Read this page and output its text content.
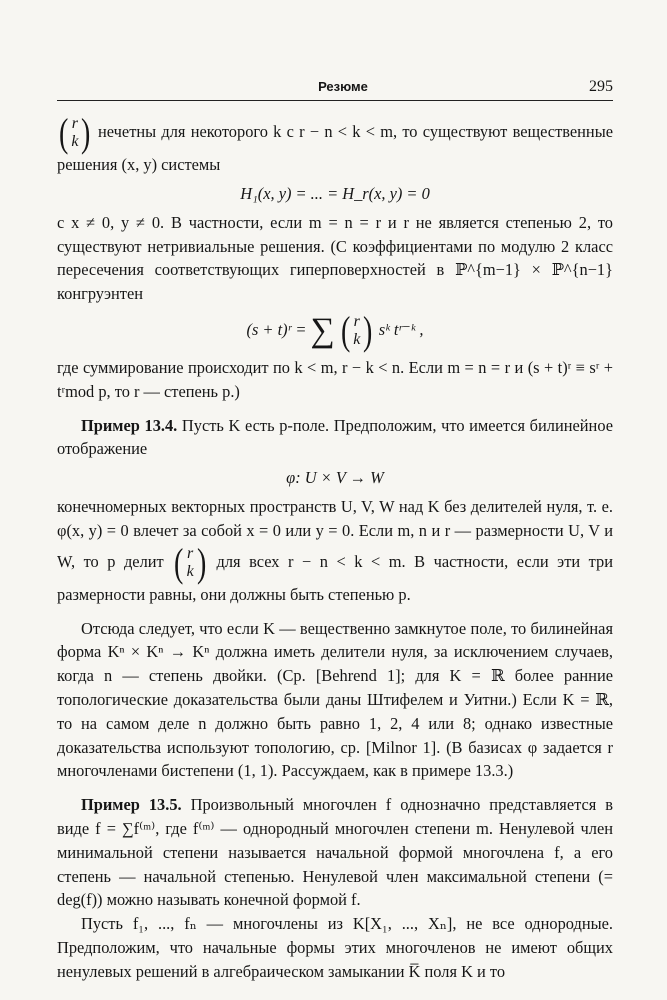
Резюме	295

( r
k ) нечетны для некоторого k с r − n < k < m, то существуют вещественные решения (x, y) системы

H₁(x, y) = ... = H_r(x, y) = 0

с x ≠ 0, y ≠ 0. В частности, если m = n = r и r не является степенью 2, то существуют нетривиальные решения. (С коэффициентами по модулю 2 класс пересечения соответствующих гиперповерхностей в ℙ^{m−1} × ℙ^{n−1} конгруэнтен

(s + t)ʳ = ∑ ( r
k ) sᵏ tʳ⁻ᵏ ,

где суммирование происходит по k < m, r − k < n. Если m = n = r и (s + t)ʳ ≡ sʳ + tʳmod p, то r — степень p.)

Пример 13.4. Пусть K есть p-поле. Предположим, что имеется билинейное отображение

φ: U × V → W

конечномерных векторных пространств U, V, W над K без делителей нуля, т. е. φ(x, y) = 0 влечет за собой x = 0 или y = 0. Если m, n и r — размерности U, V и W, то p делит ( r
k ) для всех r − n < k < m. В частности, если эти три размерности равны, они должны быть степенью p.

Отсюда следует, что если K — вещественно замкнутое поле, то билинейная форма Kⁿ × Kⁿ → Kⁿ должна иметь делители нуля, за исключением случаев, когда n — степень двойки. (Ср. [Behrend 1]; для K = ℝ более ранние топологические доказательства были даны Штифелем и Уитни.) Если K = ℝ, то на самом деле n должно быть равно 1, 2, 4 или 8; однако известные доказательства используют топологию, ср. [Milnor 1]. (В базисах φ задается r многочленами бистепени (1, 1). Рассуждаем, как в примере 13.3.)

Пример 13.5. Произвольный многочлен f однозначно представляется в виде f = ∑f⁽ᵐ⁾, где f⁽ᵐ⁾ — однородный многочлен степени m. Ненулевой член минимальной степени называется начальной формой многочлена f, а его степень — начальной степенью. Ненулевой член максимальной степени (= deg(f)) можно называть конечной формой f.

Пусть f₁, ..., fₙ — многочлены из K[X₁, ..., Xₙ], не все однородные. Предположим, что начальные формы этих многочленов не имеют общих ненулевых решений в алгебраическом замыкании K̅ поля K и то
